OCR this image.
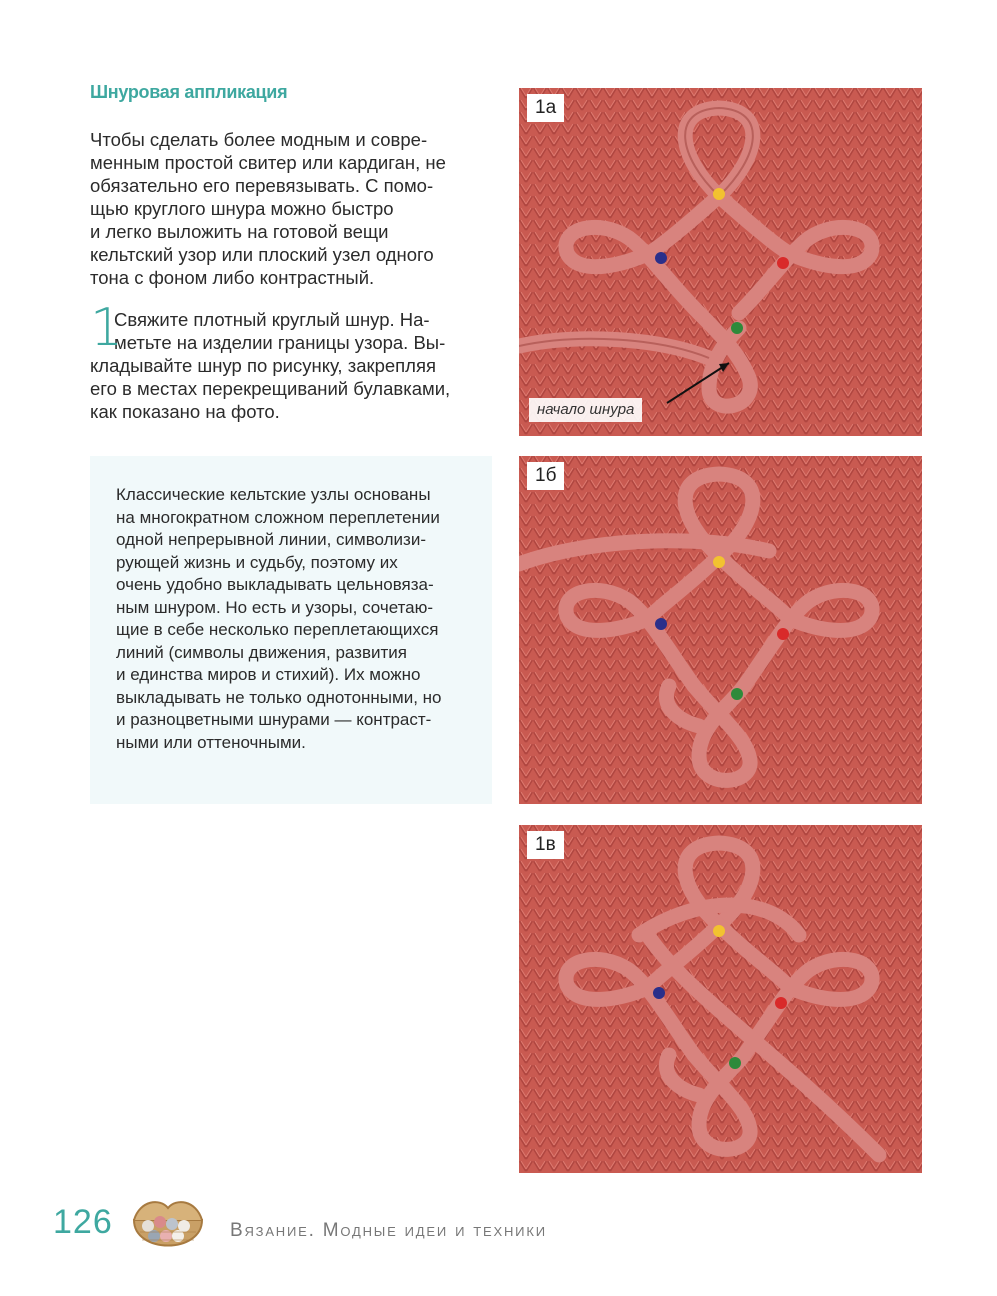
Шнуровая аппликация
Чтобы сделать более модным и совре-
менным простой свитер или кардиган, не
обязательно его перевязывать. С помо-
щью круглого шнура можно быстро
и легко выложить на готовой вещи
кельтский узор или плоский узел одного
тона с фоном либо контрастный.
1
Свяжите плотный круглый шнур. На-
метьте на изделии границы узора. Вы-
кладывайте шнур по рисунку, закрепляя
его в местах перекрещиваний булавками,
как показано на фото.
Классические кельтские узлы основаны
на многократном сложном переплетении
одной непрерывной линии, символизи-
рующей жизнь и судьбу, поэтому их
очень удобно выкладывать цельновяза-
ным шнуром. Но есть и узоры, сочетаю-
щие в себе несколько переплетающихся
линий (символы движения, развития
и единства миров и стихий). Их можно
выкладывать не только однотонными, но
и разноцветными шнурами — контраст-
ными или оттеночными.
1а
начало шнура
1б
1в
126	Вязание. Модные идеи и техники
